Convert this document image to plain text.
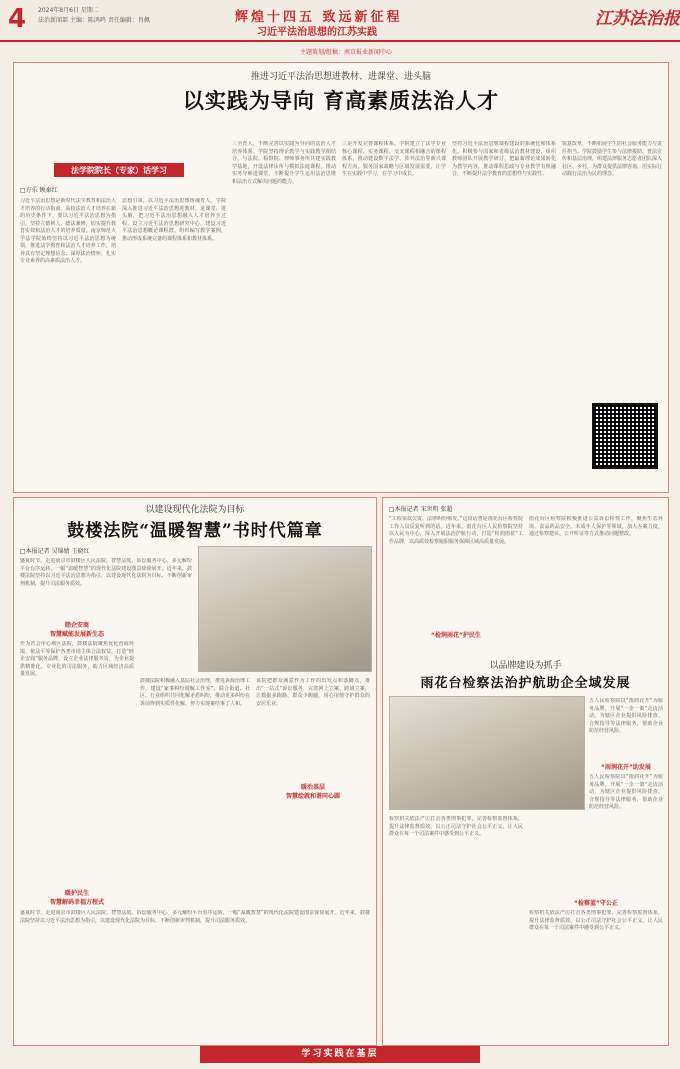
4 2024年8月6日 星期二
法治新闻部 主编：陈鸿鸣 责任编辑：肖佩	辉煌十四五 致远新征程
习近平法治思想的江苏实践
江苏法治报
主题策划/组稿：南京报业新闻中心
推进习近平法治思想进教材、进课堂、进头脑
以实践为导向 育高素质法治人才
法学院院长（专家）话学习
□方乐 顾秦红
习近平法治思想是新时代法学教育和法治人才培养的行动指南。高校法治人才培养在新的历史条件下，要以习近平法治思想为指引，坚持立德树人、德法兼修，切实提升教育实效和法治人才的培养质量。南京师范大学法学院始终坚持以习近平法治思想为统领，推进法学教育和法治人才培养工作，培养具有坚定理想信念、深厚法治情怀、扎实专业素养的高素质法治人才。
思想引领，以习近平法治思想铸魂育人。学院深入推进习近平法治思想进教材、进课堂、进头脑，把习近平法治思想融入人才培养全过程，设立习近平法治思想研究中心，建设习近平法治思想概论课程群，组织编写教学案例，推动形成系统完备的课程体系和教材体系。
三全育人，不断完善以实践为导向的法治人才培养体系。学院坚持理论教学与实践教学相结合，与法院、检察院、律师事务所共建实践教学基地，开设法律诊所与模拟法庭课程，推动实务导师进课堂，不断提升学生运用法治思维和法治方式解决问题的能力。
三是开发完善课程体系。学院建立了法学专业核心课程、实务课程、交叉课程相融合的课程体系，推动建设数字法学、涉外法治等新兴课程方向，服务国家战略与区域发展需要，让学生在实践中学习，在学习中成长。
坚持习近平法治思想课程建设的系统化和体系化。积极参与国家和省级法治教材建设，组织教师团队开展教学研讨，把最新理论成果转化为教学内容，推动课程思政与专业教学有机融合，不断提升法学教育的思想性与实践性。
锐意改革，不断拓展学生的社会服务能力与责任担当。学院鼓励学生参与法律援助、普法宣传和基层治理，组建法律服务志愿者团队深入社区、乡村，为群众提供法律咨询，用实际行动践行法治为民的理念。
以建设现代化法院为目标
鼓楼法院“温暖智慧”书时代篇章
□本报记者 吴锦婧 王晓红
盛夏时节，走进南京市鼓楼区人民法院，智慧法庭、诉讼服务中心、多元解纷平台有序运转，一幅“温暖智慧”的现代化法院建设图景徐徐展开。近年来，鼓楼法院坚持以习近平法治思想为指引，以建设现代化法院为目标，不断创新审判机制，提升司法服务质效。
睦企安商
智慧赋能发展新生态
作为省会中心城区法院，鼓楼法院聚焦优化营商环境，依法平等保护各类市场主体合法权益，打造“睦企安商”服务品牌，设立企业法律服务站，为企业提供精准化、专业化的司法服务，助力区域经济高质量发展。
鼓楼法院积极融入基层社会治理，推进诉源治理工作，建设“家事纠纷调解工作室”，联合街道、社区、行业组织共同化解矛盾纠纷，推动更多纠纷在诉前得到实质性化解，努力实现案结事了人和。
暖治基层
智慧绘就和谐同心圆
该院把群众满意作为工作的出发点和落脚点，推出“一站式”诉讼服务，完善网上立案、跨域立案，让数据多跑路、群众少跑腿，用心用情守护群众的安居乐业。
暖护民生
智慧解码幸福方程式
盛夏时节，走进南京市鼓楼区人民法院，智慧法庭、诉讼服务中心、多元解纷平台有序运转，一幅“温暖智慧”的现代化法院建设图景徐徐展开。近年来，鼓楼法院坚持以习近平法治思想为指引，以建设现代化法院为目标，不断创新审判机制，提升司法服务质效。
□本报记者 宋世明 张超
“工程领款欠资、法律纠纷频发。”这段话曾是雨花台区检察院工作人员反复听到的话。近年来，雨花台区人民检察院坚持以人民为中心，深入开展法治护航行动，打造“检润雨花”工作品牌，以高质效检察履职服务保障区域高质量发展。
“检润雨花”护民生
雨花台区检察院积极推进公益诉讼检察工作，聚焦生态环境、食品药品安全、未成年人保护等领域，加大办案力度，通过检察建议、公开听证等方式推动问题整改。
以品牌建设为抓手
雨花台检察法治护航助企全域发展
五人民检察院以“雨润花开”为服务品牌，开展“一企一策”走访活动，为辖区企业提供风险排查、合规指导等法律服务，帮助企业防范经营风险。
“雨润花开”助发展
检察机关依法严厉打击各类刑事犯罪，完善检察监督体系，提升法律监督质效，以公正司法守护社会公平正义，让人民群众在每一个司法案件中感受到公平正义。
“检察蓝”守公正
五人民检察院以“雨润花开”为服务品牌，开展“一企一策”走访活动，为辖区企业提供风险排查、合规指导等法律服务，帮助企业防范经营风险。
检察机关依法严厉打击各类刑事犯罪，完善检察监督体系，提升法律监督质效，以公正司法守护社会公平正义，让人民群众在每一个司法案件中感受到公平正义。
学习实践在基层
